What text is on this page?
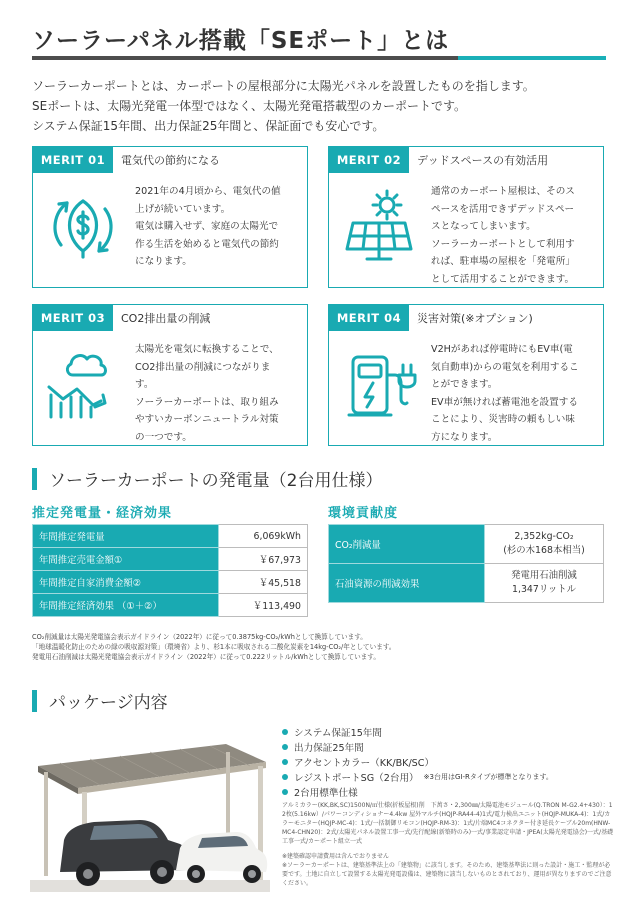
ソーラーパネル搭載「SEポート」とは

ソーラーカーポートとは、カーポートの屋根部分に太陽光パネルを設置したものを指します。

SEポートは、太陽光発電一体型ではなく、太陽光発電搭載型のカーポートです。

システム保証15年間、出力保証25年間と、保証面でも安心です。

MERIT 01	電気代の節約になる
2021年の4月頃から、電気代の値
上げが続いています。
電気は購入せず、家庭の太陽光で
作る生活を始めると電気代の節約
になります。
MERIT 02	デッドスペースの有効活用
通常のカーポート屋根は、そのス
ペースを活用できずデッドスペー
スとなってしまいます。
ソーラーカーポートとして利用す
れば、駐車場の屋根を「発電所」
として活用することができます。
MERIT 03	CO2排出量の削減
太陽光を電気に転換することで、
CO2排出量の削減につながりま
す。
ソーラーカーポートは、取り組み
やすいカーボンニュートラル対策
の一つです。
MERIT 04	災害対策(※オプション)
V2Hがあれば停電時にもEV車(電
気自動車)からの電気を利用するこ
とができます。
EV車が無ければ蓄電池を設置する
ことにより、災害時の頼もしい味
方になります。
ソーラーカーポートの発電量（2台用仕様）
推定発電量・経済効果	環境貢献度
年間推定発電量	6,069kWh
年間推定売電金額①	￥67,973
年間推定自家消費金額②	￥45,518
年間推定経済効果 （①＋②）	￥113,490
CO₂削減量	2,352kg-CO₂
(杉の木168本相当)

石油資源の削減効果	発電用石油削減
1,347リットル

CO₂削減量は太陽光発電協会表示ガイドライン（2022年）に従って0.3875kg-CO₂/kWhとして換算しています。

「地球温暖化防止のための緑の吸収源対策」（環境省）より、杉1本に吸収される二酸化炭素を14kg-CO₂/年としています。

発電用石油削減は太陽光発電協会表示ガイドライン（2022年）に従って0.222リットル/kWhとして換算しています。

パッケージ内容
システム保証15年間
出力保証25年間
アクセントカラー（KK/BK/SC）
レジストポートSG（2台用） ※3台用はGI-Rタイプが標準となります。
2台用標準仕様
アルミカラー(KK,BK,SC)1500N/㎡仕様(折板屋根)削　下萬さ・2,300㎜/太陽電池モジュール(Q.TRON M-G2.4+430）：12枚(5.16kw）/パワーコンディショナー4.4kw 屋外マルチ(HQJP-RA44-4)1式/電力検出ユニット(HQJP-MUKA-4)：1式/カラーモニター(HQJP-MC-4)：1式/一括制御リモコン(HQJP-RM-3)：1式/片端MC4コネクター付き延長ケーブル20m(HNW-MC4-CHN20)：2式/太陽光パネル設置工事一式/先行配線(新築時のみ)一式/事業認定申請・JPEA(太陽光発電協会)一式/基礎工事一式/カーポート組立一式
※建築確認申請費用は含んでおりません
※ソーラーカーポートは、建築基準法上の「建築物」に該当します。そのため、建築基準法に則った設計・施工・監理が必要です。土地に自立して設置する太陽光発電設備は、建築物に該当しないものとされており、運用が異なりますのでご注意ください。
